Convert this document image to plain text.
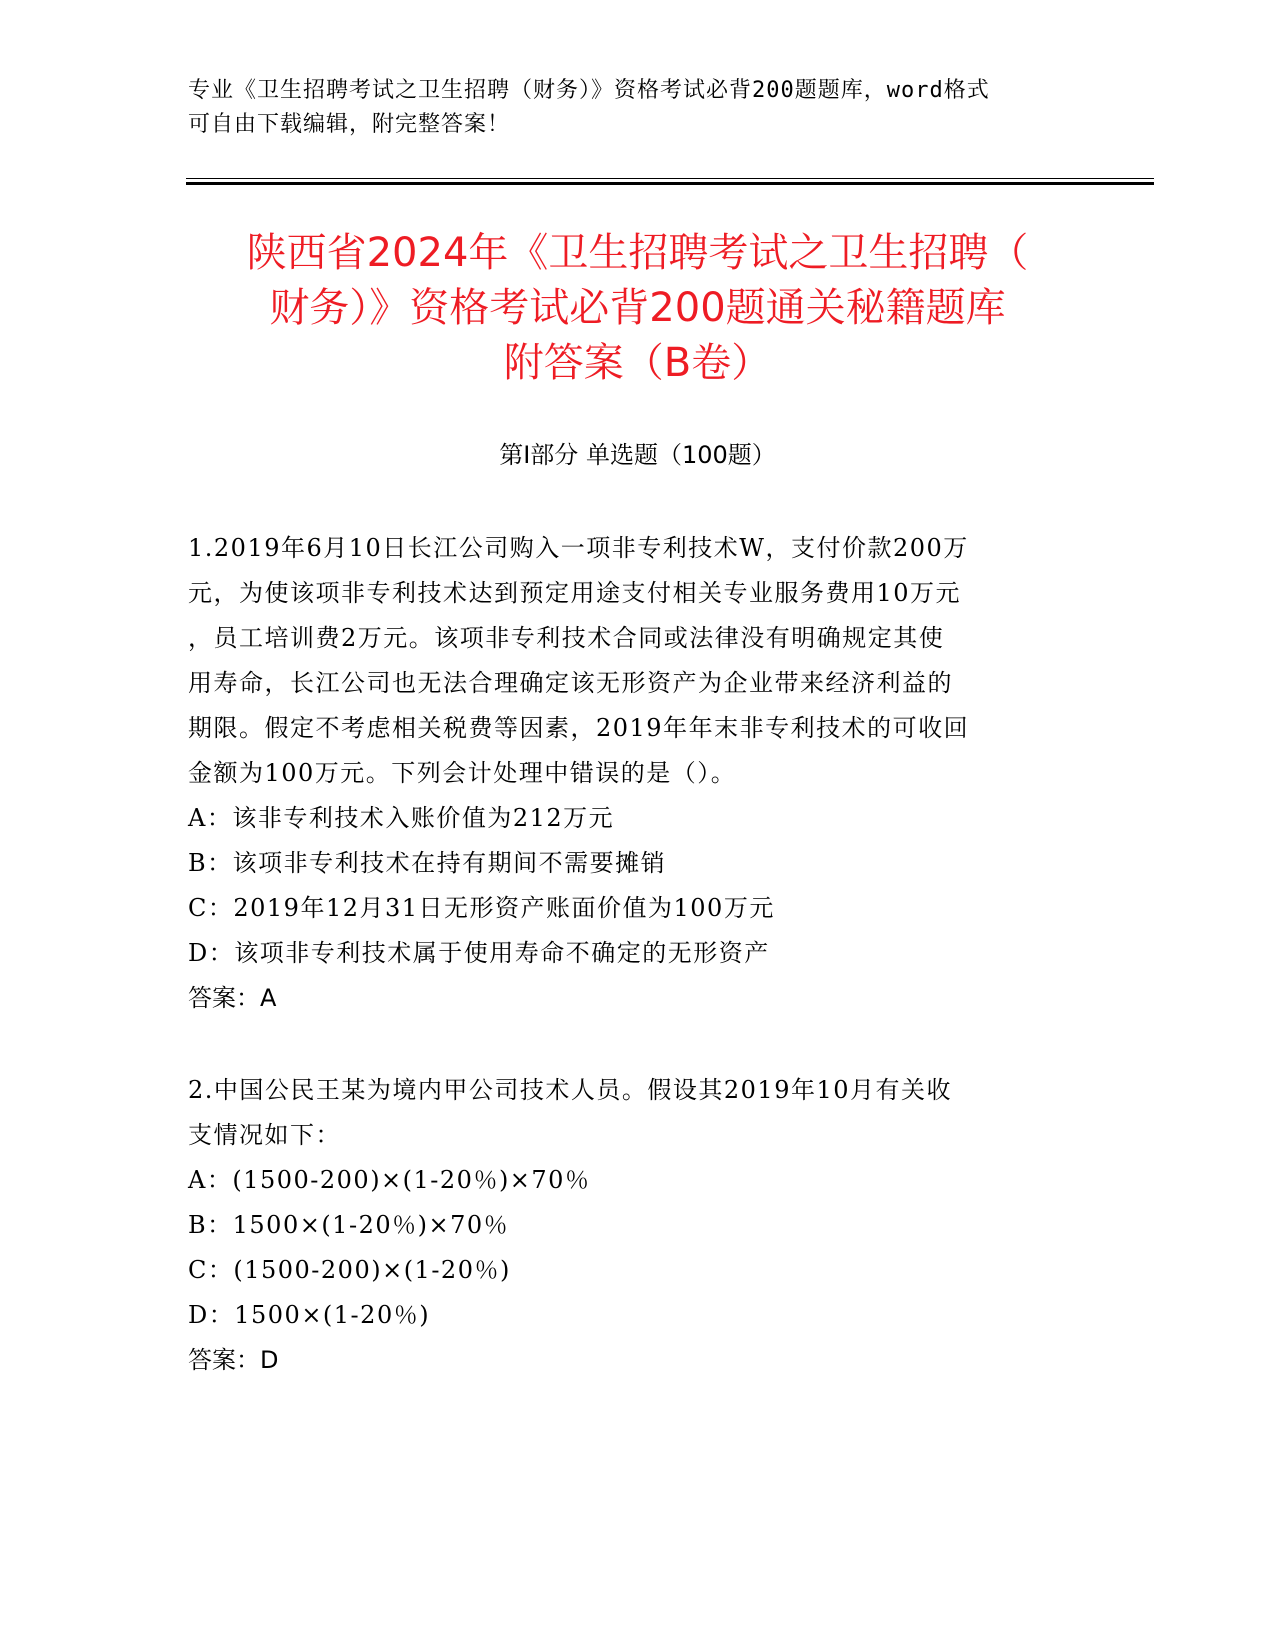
专业《卫生招聘考试之卫生招聘（财务）》资格考试必背200题题库，word格式
可自由下载编辑，附完整答案！
陕西省2024年《卫生招聘考试之卫生招聘（
财务）》资格考试必背200题通关秘籍题库
附答案（B卷）
第Ⅰ部分 单选题（100题）
1.2019年6月10日长江公司购入一项非专利技术W，支付价款200万
元，为使该项非专利技术达到预定用途支付相关专业服务费用10万元
，员工培训费2万元。该项非专利技术合同或法律没有明确规定其使
用寿命，长江公司也无法合理确定该无形资产为企业带来经济利益的
期限。假定不考虑相关税费等因素，2019年年末非专利技术的可收回
金额为100万元。下列会计处理中错误的是（）。
A：该非专利技术入账价值为212万元
B：该项非专利技术在持有期间不需要摊销
C：2019年12月31日无形资产账面价值为100万元
D：该项非专利技术属于使用寿命不确定的无形资产
答案：A
2.中国公民王某为境内甲公司技术人员。假设其2019年10月有关收
支情况如下：
A：(1500-200)×(1-20％)×70％
B：1500×(1-20％)×70％
C：(1500-200)×(1-20％)
D：1500×(1-20％)
答案：D
